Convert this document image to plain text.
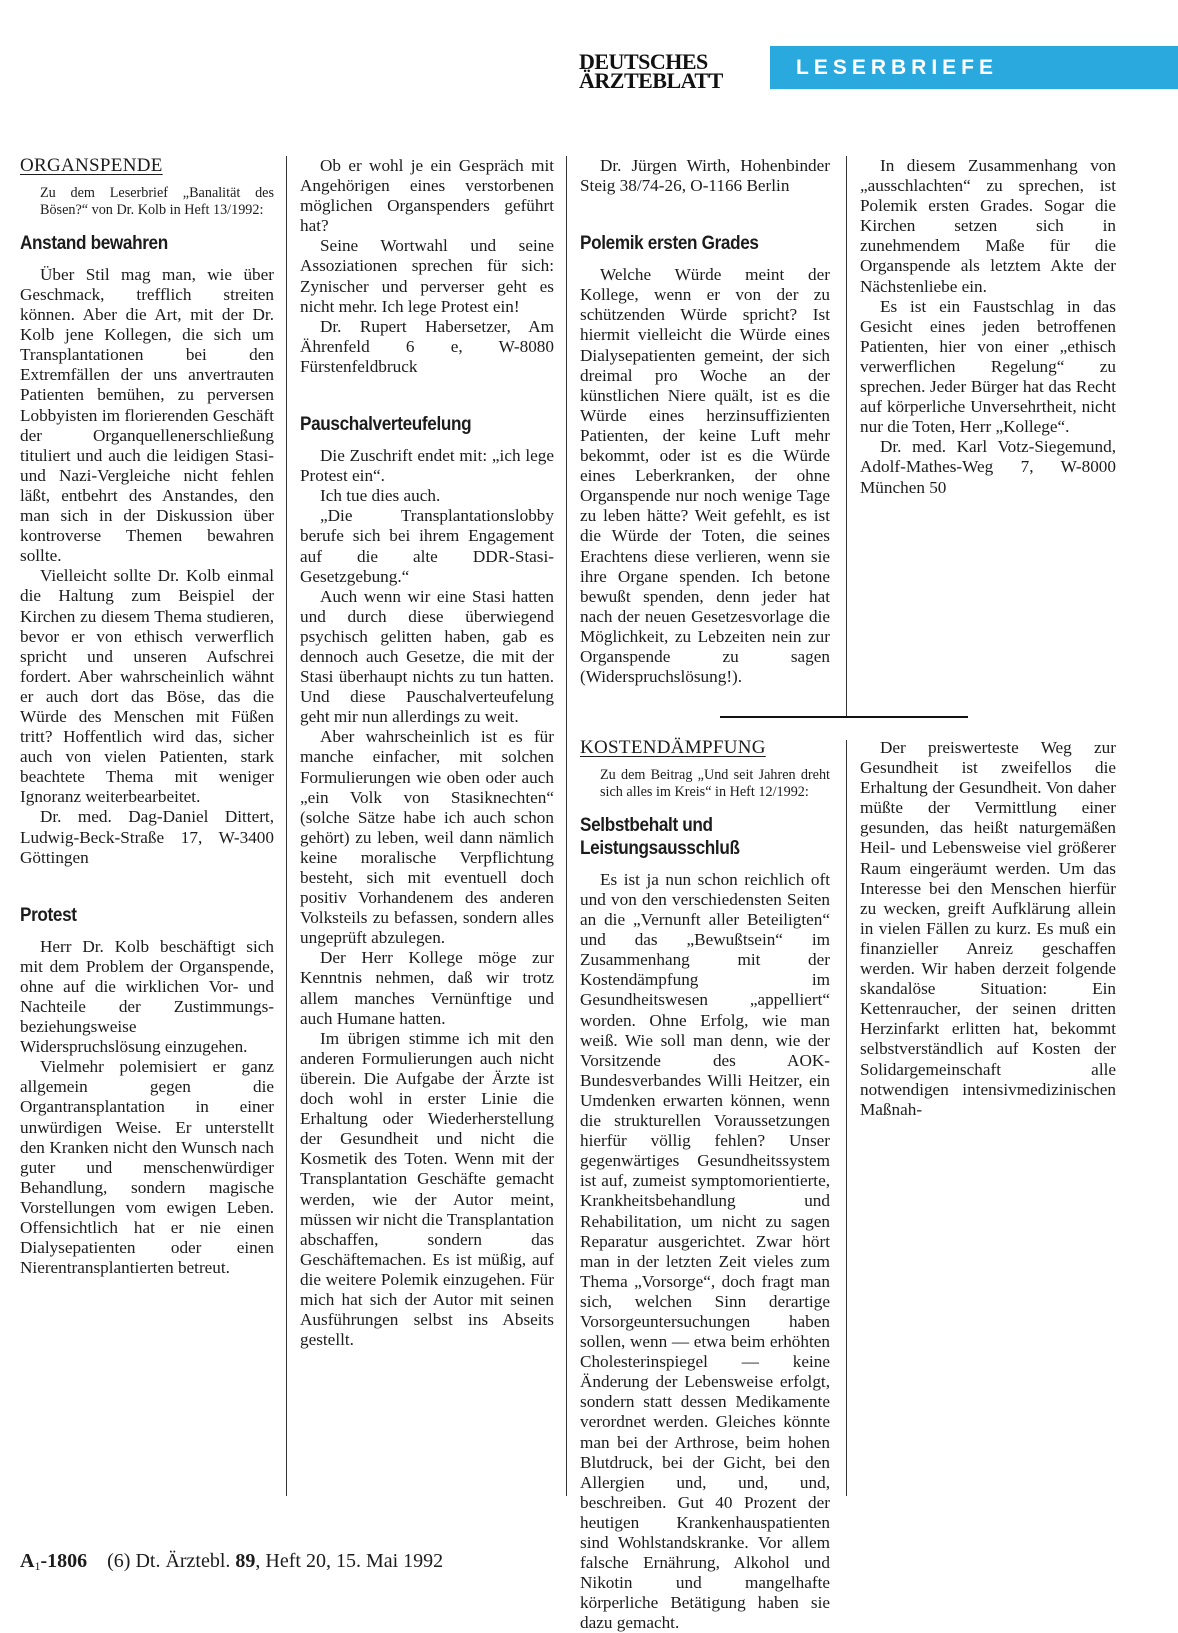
DEUTSCHES
ÄRZTEBLATT
LESERBRIEFE
ORGANSPENDE

Zu dem Leserbrief „Banalität des Bösen?“ von Dr. Kolb in Heft 13/1992:

Anstand bewahren

Über Stil mag man, wie über Geschmack, trefflich streiten können. Aber die Art, mit der Dr. Kolb jene Kollegen, die sich um Transplantationen bei den Extremfällen der uns anvertrauten Patienten bemühen, zu perversen Lobbyisten im florierenden Geschäft der Organquellenerschließung tituliert und auch die leidigen Stasi- und Nazi-Vergleiche nicht fehlen läßt, entbehrt des Anstandes, den man sich in der Diskussion über kontroverse Themen bewahren sollte.

Vielleicht sollte Dr. Kolb einmal die Haltung zum Beispiel der Kirchen zu diesem Thema studieren, bevor er von ethisch verwerflich spricht und unseren Aufschrei fordert. Aber wahrscheinlich wähnt er auch dort das Böse, das die Würde des Menschen mit Füßen tritt? Hoffentlich wird das, sicher auch von vielen Patienten, stark beachtete Thema mit weniger Ignoranz weiterbearbeitet.

Dr. med. Dag-Daniel Dittert, Ludwig-Beck-Straße 17, W-3400 Göttingen

Protest

Herr Dr. Kolb beschäftigt sich mit dem Problem der Organspende, ohne auf die wirklichen Vor- und Nachteile der Zustimmungs- beziehungsweise Widerspruchslösung einzugehen.

Vielmehr polemisiert er ganz allgemein gegen die Organtransplantation in einer unwürdigen Weise. Er unterstellt den Kranken nicht den Wunsch nach guter und menschenwürdiger Behandlung, sondern magische Vorstellungen vom ewigen Leben. Offensichtlich hat er nie einen Dialysepatienten oder einen Nierentransplantierten betreut.

Ob er wohl je ein Gespräch mit Angehörigen eines verstorbenen möglichen Organspenders geführt hat?

Seine Wortwahl und seine Assoziationen sprechen für sich: Zynischer und perverser geht es nicht mehr. Ich lege Protest ein!

Dr. Rupert Habersetzer, Am Ährenfeld 6 e, W-8080 Fürstenfeldbruck

Pauschalverteufelung

Die Zuschrift endet mit: „ich lege Protest ein“.

Ich tue dies auch.

„Die Transplantationslobby berufe sich bei ihrem Engagement auf die alte DDR-Stasi-Gesetzgebung.“

Auch wenn wir eine Stasi hatten und durch diese überwiegend psychisch gelitten haben, gab es dennoch auch Gesetze, die mit der Stasi überhaupt nichts zu tun hatten. Und diese Pauschalverteufelung geht mir nun allerdings zu weit.

Aber wahrscheinlich ist es für manche einfacher, mit solchen Formulierungen wie oben oder auch „ein Volk von Stasiknechten“ (solche Sätze habe ich auch schon gehört) zu leben, weil dann nämlich keine moralische Verpflichtung besteht, sich mit eventuell doch positiv Vorhandenem des anderen Volksteils zu befassen, sondern alles ungeprüft abzulegen.

Der Herr Kollege möge zur Kenntnis nehmen, daß wir trotz allem manches Vernünftige und auch Humane hatten.

Im übrigen stimme ich mit den anderen Formulierungen auch nicht überein. Die Aufgabe der Ärzte ist doch wohl in erster Linie die Erhaltung oder Wiederherstellung der Gesundheit und nicht die Kosmetik des Toten. Wenn mit der Transplantation Geschäfte gemacht werden, wie der Autor meint, müssen wir nicht die Transplantation abschaffen, sondern das Geschäftemachen. Es ist müßig, auf die weitere Polemik einzugehen. Für mich hat sich der Autor mit seinen Ausführungen selbst ins Abseits gestellt.

Dr. Jürgen Wirth, Hohenbinder Steig 38/74-26, O-1166 Berlin

Polemik ersten Grades

Welche Würde meint der Kollege, wenn er von der zu schützenden Würde spricht? Ist hiermit vielleicht die Würde eines Dialysepatienten gemeint, der sich dreimal pro Woche an der künstlichen Niere quält, ist es die Würde eines herzinsuffizienten Patienten, der keine Luft mehr bekommt, oder ist es die Würde eines Leberkranken, der ohne Organspende nur noch wenige Tage zu leben hätte? Weit gefehlt, es ist die Würde der Toten, die seines Erachtens diese verlieren, wenn sie ihre Organe spenden. Ich betone bewußt spenden, denn jeder hat nach der neuen Gesetzesvorlage die Möglichkeit, zu Lebzeiten nein zur Organspende zu sagen (Widerspruchslösung!).

In diesem Zusammenhang von „ausschlachten“ zu sprechen, ist Polemik ersten Grades. Sogar die Kirchen setzen sich in zunehmendem Maße für die Organspende als letztem Akte der Nächstenliebe ein.

Es ist ein Faustschlag in das Gesicht eines jeden betroffenen Patienten, hier von einer „ethisch verwerflichen Regelung“ zu sprechen. Jeder Bürger hat das Recht auf körperliche Unversehrtheit, nicht nur die Toten, Herr „Kollege“.

Dr. med. Karl Votz-Siegemund, Adolf-Mathes-Weg 7, W-8000 München 50

KOSTENDÄMPFUNG

Zu dem Beitrag „Und seit Jahren dreht sich alles im Kreis“ in Heft 12/1992:

Selbstbehalt und
Leistungsausschluß

Es ist ja nun schon reichlich oft und von den verschiedensten Seiten an die „Vernunft aller Beteiligten“ und das „Bewußtsein“ im Zusammenhang mit der Kostendämpfung im Gesundheitswesen „appelliert“ worden. Ohne Erfolg, wie man weiß. Wie soll man denn, wie der Vorsitzende des AOK-Bundesverbandes Willi Heitzer, ein Umdenken erwarten können, wenn die strukturellen Voraussetzungen hierfür völlig fehlen? Unser gegenwärtiges Gesundheitssystem ist auf, zumeist symptomorientierte, Krankheitsbehandlung und Rehabilitation, um nicht zu sagen Reparatur ausgerichtet. Zwar hört man in der letzten Zeit vieles zum Thema „Vorsorge“, doch fragt man sich, welchen Sinn derartige Vorsorgeuntersuchungen haben sollen, wenn — etwa beim erhöhten Cholesterinspiegel — keine Änderung der Lebensweise erfolgt, sondern statt dessen Medikamente verordnet werden. Gleiches könnte man bei der Arthrose, beim hohen Blutdruck, bei der Gicht, bei den Allergien und, und, und, beschreiben. Gut 40 Prozent der heutigen Krankenhauspatienten sind Wohlstandskranke. Vor allem falsche Ernährung, Alkohol und Nikotin und mangelhafte körperliche Betätigung haben sie dazu gemacht.

Der preiswerteste Weg zur Gesundheit ist zweifellos die Erhaltung der Gesundheit. Von daher müßte der Vermittlung einer gesunden, das heißt naturgemäßen Heil- und Lebensweise viel größerer Raum eingeräumt werden. Um das Interesse bei den Menschen hierfür zu wecken, greift Aufklärung allein in vielen Fällen zu kurz. Es muß ein finanzieller Anreiz geschaffen werden. Wir haben derzeit folgende skandalöse Situation: Ein Kettenraucher, der seinen dritten Herzinfarkt erlitten hat, bekommt selbstverständlich auf Kosten der Solidargemeinschaft alle notwendigen intensivmedizinischen Maßnah-

$A_1-1806$ (6) Dt. Ärztebl. 89, Heft 20, 15. Mai 1992
